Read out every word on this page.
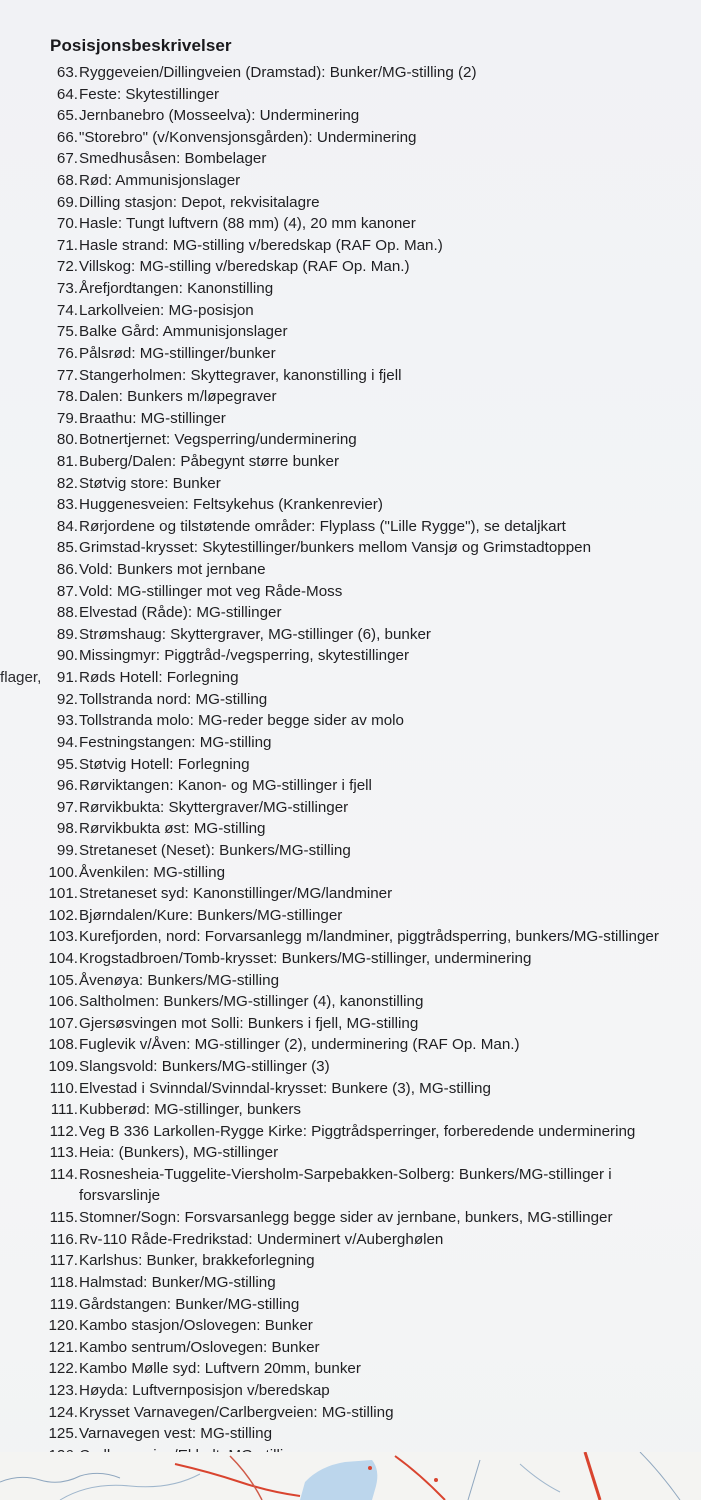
Posisjonsbeskrivelser
63. Ryggeveien/Dillingveien (Dramstad): Bunker/MG-stilling (2)
64. Feste: Skytestillinger
65. Jernbanebro (Mosseelva): Underminering
66. "Storebro" (v/Konvensjonsgården): Underminering
67. Smedhusåsen: Bombelager
68. Rød: Ammunisjonslager
69. Dilling stasjon: Depot, rekvisitalagre
70. Hasle: Tungt luftvern (88 mm) (4), 20 mm kanoner
71. Hasle strand: MG-stilling v/beredskap (RAF Op. Man.)
72. Villskog: MG-stilling v/beredskap (RAF Op. Man.)
73. Årefjordtangen: Kanonstilling
74. Larkollveien: MG-posisjon
75. Balke Gård: Ammunisjonslager
76. Pålsrød: MG-stillinger/bunker
77. Stangerholmen: Skyttegraver, kanonstilling i fjell
78. Dalen: Bunkers m/løpegraver
79. Braathu: MG-stillinger
80. Botnertjernet: Vegsperring/underminering
81. Buberg/Dalen: Påbegynt større bunker
82. Støtvig store: Bunker
83. Huggenesveien: Feltsykehus (Krankenrevier)
84. Rørjordene og tilstøtende områder: Flyplass ("Lille Rygge"), se detaljkart
85. Grimstad-krysset: Skytestillinger/bunkers mellom Vansjø og Grimstadtoppen
86. Vold: Bunkers mot jernbane
87. Vold: MG-stillinger mot veg Råde-Moss
88. Elvestad (Råde): MG-stillinger
89. Strømshaug: Skyttergraver, MG-stillinger (6), bunker
90. Missingmyr: Piggtråd-/vegsperring, skytestillinger
91. Røds Hotell: Forlegning
flager,
92. Tollstranda nord: MG-stilling
93. Tollstranda molo: MG-reder begge sider av molo
94. Festningstangen: MG-stilling
95. Støtvig Hotell: Forlegning
96. Rørviktangen: Kanon- og MG-stillinger i fjell
97. Rørvikbukta: Skyttergraver/MG-stillinger
98. Rørvikbukta øst: MG-stilling
99. Stretaneset (Neset): Bunkers/MG-stilling
100. Åvenkilen: MG-stilling
101. Stretaneset syd: Kanonstillinger/MG/landminer
102. Bjørndalen/Kure: Bunkers/MG-stillinger
103. Kurefjorden, nord: Forvarsanlegg m/landminer, piggtrådsperring, bunkers/MG-stillinger
104. Krogstadbroen/Tomb-krysset: Bunkers/MG-stillinger, underminering
105. Åvenøya: Bunkers/MG-stilling
106. Saltholmen: Bunkers/MG-stillinger (4), kanonstilling
107. Gjersøsvingen mot Solli: Bunkers i fjell, MG-stilling
108. Fuglevik v/Åven: MG-stillinger (2), underminering (RAF Op. Man.)
109. Slangsvold: Bunkers/MG-stillinger (3)
110. Elvestad i Svinndal/Svinndal-krysset: Bunkere (3), MG-stilling
111. Kubberød: MG-stillinger, bunkers
112. Veg B 336 Larkollen-Rygge Kirke: Piggtrådsperringer, forberedende underminering
113. Heia: (Bunkers), MG-stillinger
114. Rosnesheia-Tuggelite-Viersholm-Sarpebakken-Solberg: Bunkers/MG-stillinger i
forsvarslinje
115. Stomner/Sogn: Forsvarsanlegg begge sider av jernbane, bunkers, MG-stillinger
116. Rv-110 Råde-Fredrikstad: Underminert v/Auberghølen
117. Karlshus: Bunker, brakkeforlegning
118. Halmstad: Bunker/MG-stilling
119. Gårdstangen: Bunker/MG-stilling
120. Kambo stasjon/Oslovegen: Bunker
121. Kambo sentrum/Oslovegen: Bunker
122. Kambo Mølle syd: Luftvern 20mm, bunker
123. Høyda: Luftvernposisjon v/beredskap
124. Krysset Varnavegen/Carlbergveien: MG-stilling
125. Varnavegen vest: MG-stilling
